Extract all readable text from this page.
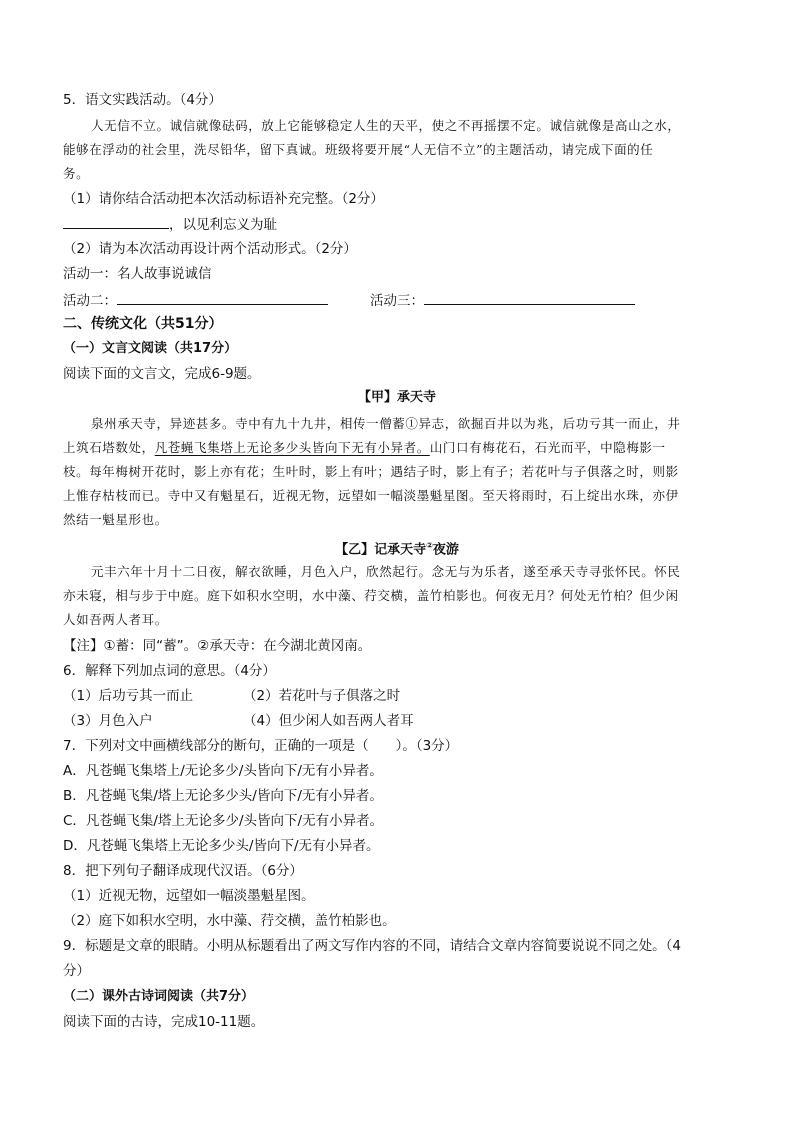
5．语文实践活动。（4分）
人无信不立。诚信就像砝码，放上它能够稳定人生的天平，使之不再摇摆不定。诚信就像是高山之水，
能够在浮动的社会里，洗尽铅华，留下真诚。班级将要开展“人无信不立”的主题活动，请完成下面的任
务。
（1）请你结合活动把本次活动标语补充完整。（2分）
，以见利忘义为耻
（2）请为本次活动再设计两个活动形式。（2分）
活动一：名人故事说诚信
活动二：	活动三：
二、传统文化（共51分）
（一）文言文阅读（共17分）
阅读下面的文言文，完成6-9题。
【甲】承天寺
泉州承天寺，异迹甚多。寺中有九十九井，相传一僧蓄①异志，欲掘百井以为兆，后功亏其一而止，井
上筑石塔数处，凡苍蝇飞集塔上无论多少头皆向下无有小异者。山门口有梅花石，石光而平，中隐梅影一
枝。每年梅树开花时，影上亦有花；生叶时，影上有叶；遇结子时，影上有子；若花叶与子俱落之时，则影
上惟存枯枝而已。寺中又有魁星石，近视无物，远望如一幅淡墨魁星图。至天将雨时，石上绽出水珠，亦伊
然结一魁星形也。
【乙】记承天寺②夜游
元丰六年十月十二日夜，解衣欲睡，月色入户，欣然起行。念无与为乐者，遂至承天寺寻张怀民。怀民
亦未寝，相与步于中庭。庭下如积水空明，水中藻、荇交横，盖竹柏影也。何夜无月？何处无竹柏？但少闲
人如吾两人者耳。
【注】①蓄：同“蓄”。②承天寺：在今湖北黄冈南。
6．解释下列加点词的意思。（4分）
（1）后功亏其一而止	（2）若花叶与子俱落之时
（3）月色入户	（4）但少闲人如吾两人者耳
7．下列对文中画横线部分的断句，正确的一项是（　　）。（3分）
A．凡苍蝇飞集塔上/无论多少/头皆向下/无有小异者。
B．凡苍蝇飞集/塔上无论多少头/皆向下/无有小异者。
C．凡苍蝇飞集/塔上无论多少/头皆向下/无有小异者。
D．凡苍蝇飞集塔上无论多少头/皆向下/无有小异者。
8．把下列句子翻译成现代汉语。（6分）
（1）近视无物，远望如一幅淡墨魁星图。
（2）庭下如积水空明，水中藻、荇交横，盖竹柏影也。
9．标题是文章的眼睛。小明从标题看出了两文写作内容的不同，请结合文章内容简要说说不同之处。（4
分）
（二）课外古诗词阅读（共7分）
阅读下面的古诗，完成10-11题。
